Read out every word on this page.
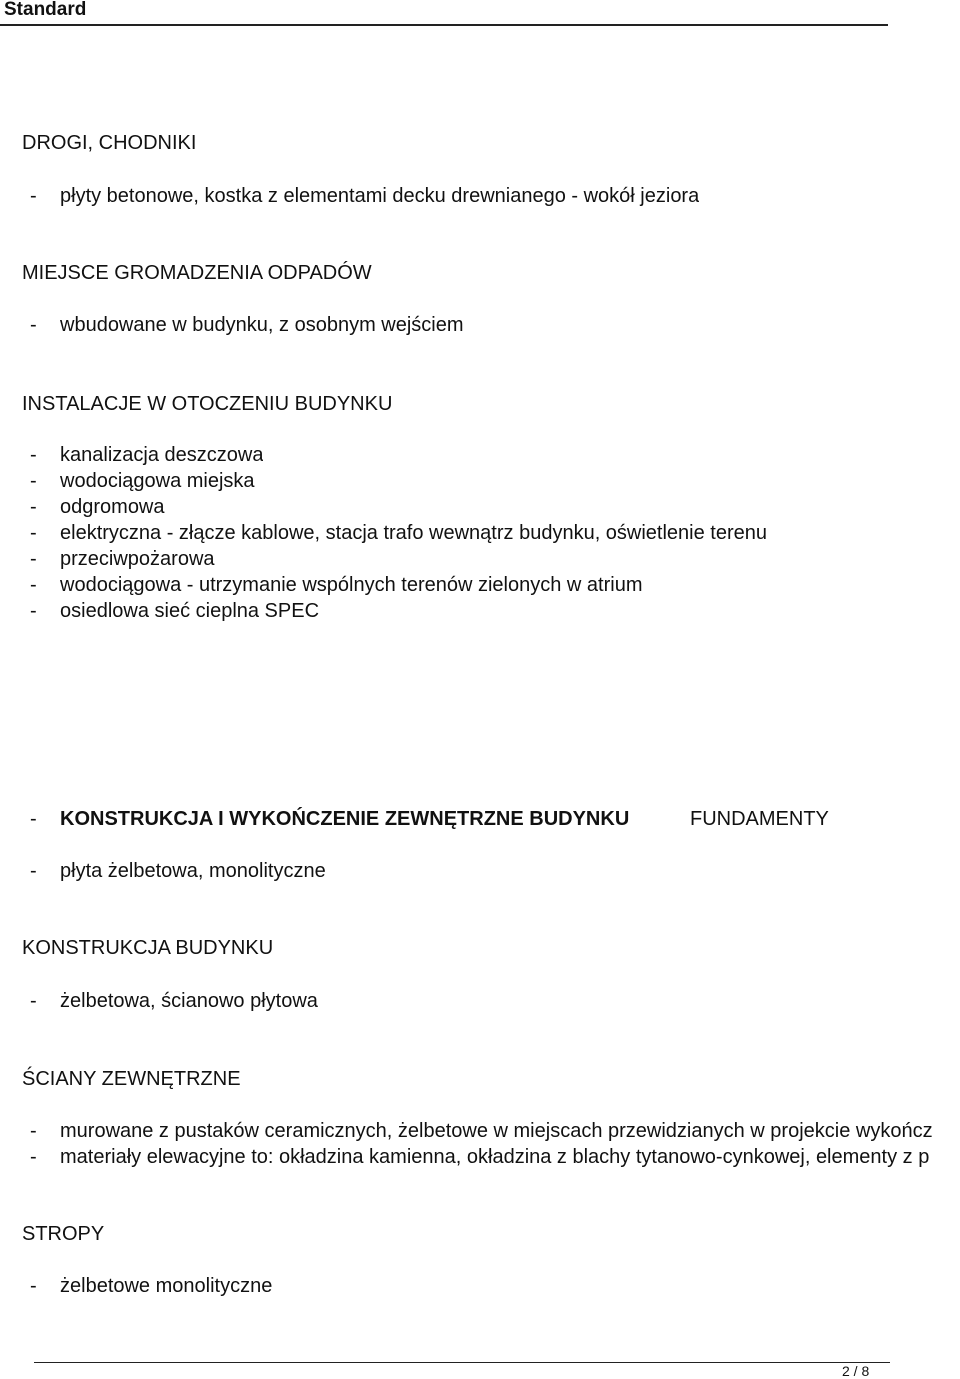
Standard
DROGI, CHODNIKI
- płyty betonowe, kostka z elementami decku drewnianego - wokół jeziora
MIEJSCE GROMADZENIA ODPADÓW
- wbudowane w budynku, z osobnym wejściem
INSTALACJE W OTOCZENIU BUDYNKU
- kanalizacja deszczowa
- wodociągowa miejska
- odgromowa
- elektryczna - złącze kablowe, stacja trafo wewnątrz budynku, oświetlenie terenu
- przeciwpożarowa
- wodociągowa - utrzymanie wspólnych terenów zielonych w atrium
- osiedlowa sieć cieplna SPEC
- KONSTRUKCJA I WYKOŃCZENIE ZEWNĘTRZNE BUDYNKU	FUNDAMENTY
- płyta żelbetowa, monolityczne
KONSTRUKCJA BUDYNKU
- żelbetowa, ścianowo płytowa
ŚCIANY ZEWNĘTRZNE
- murowane z pustaków ceramicznych, żelbetowe w miejscach przewidzianych w projekcie wykończ
- materiały elewacyjne to: okładzina kamienna, okładzina z blachy tytanowo-cynkowej, elementy z p
STROPY
- żelbetowe monolityczne
2 / 8
